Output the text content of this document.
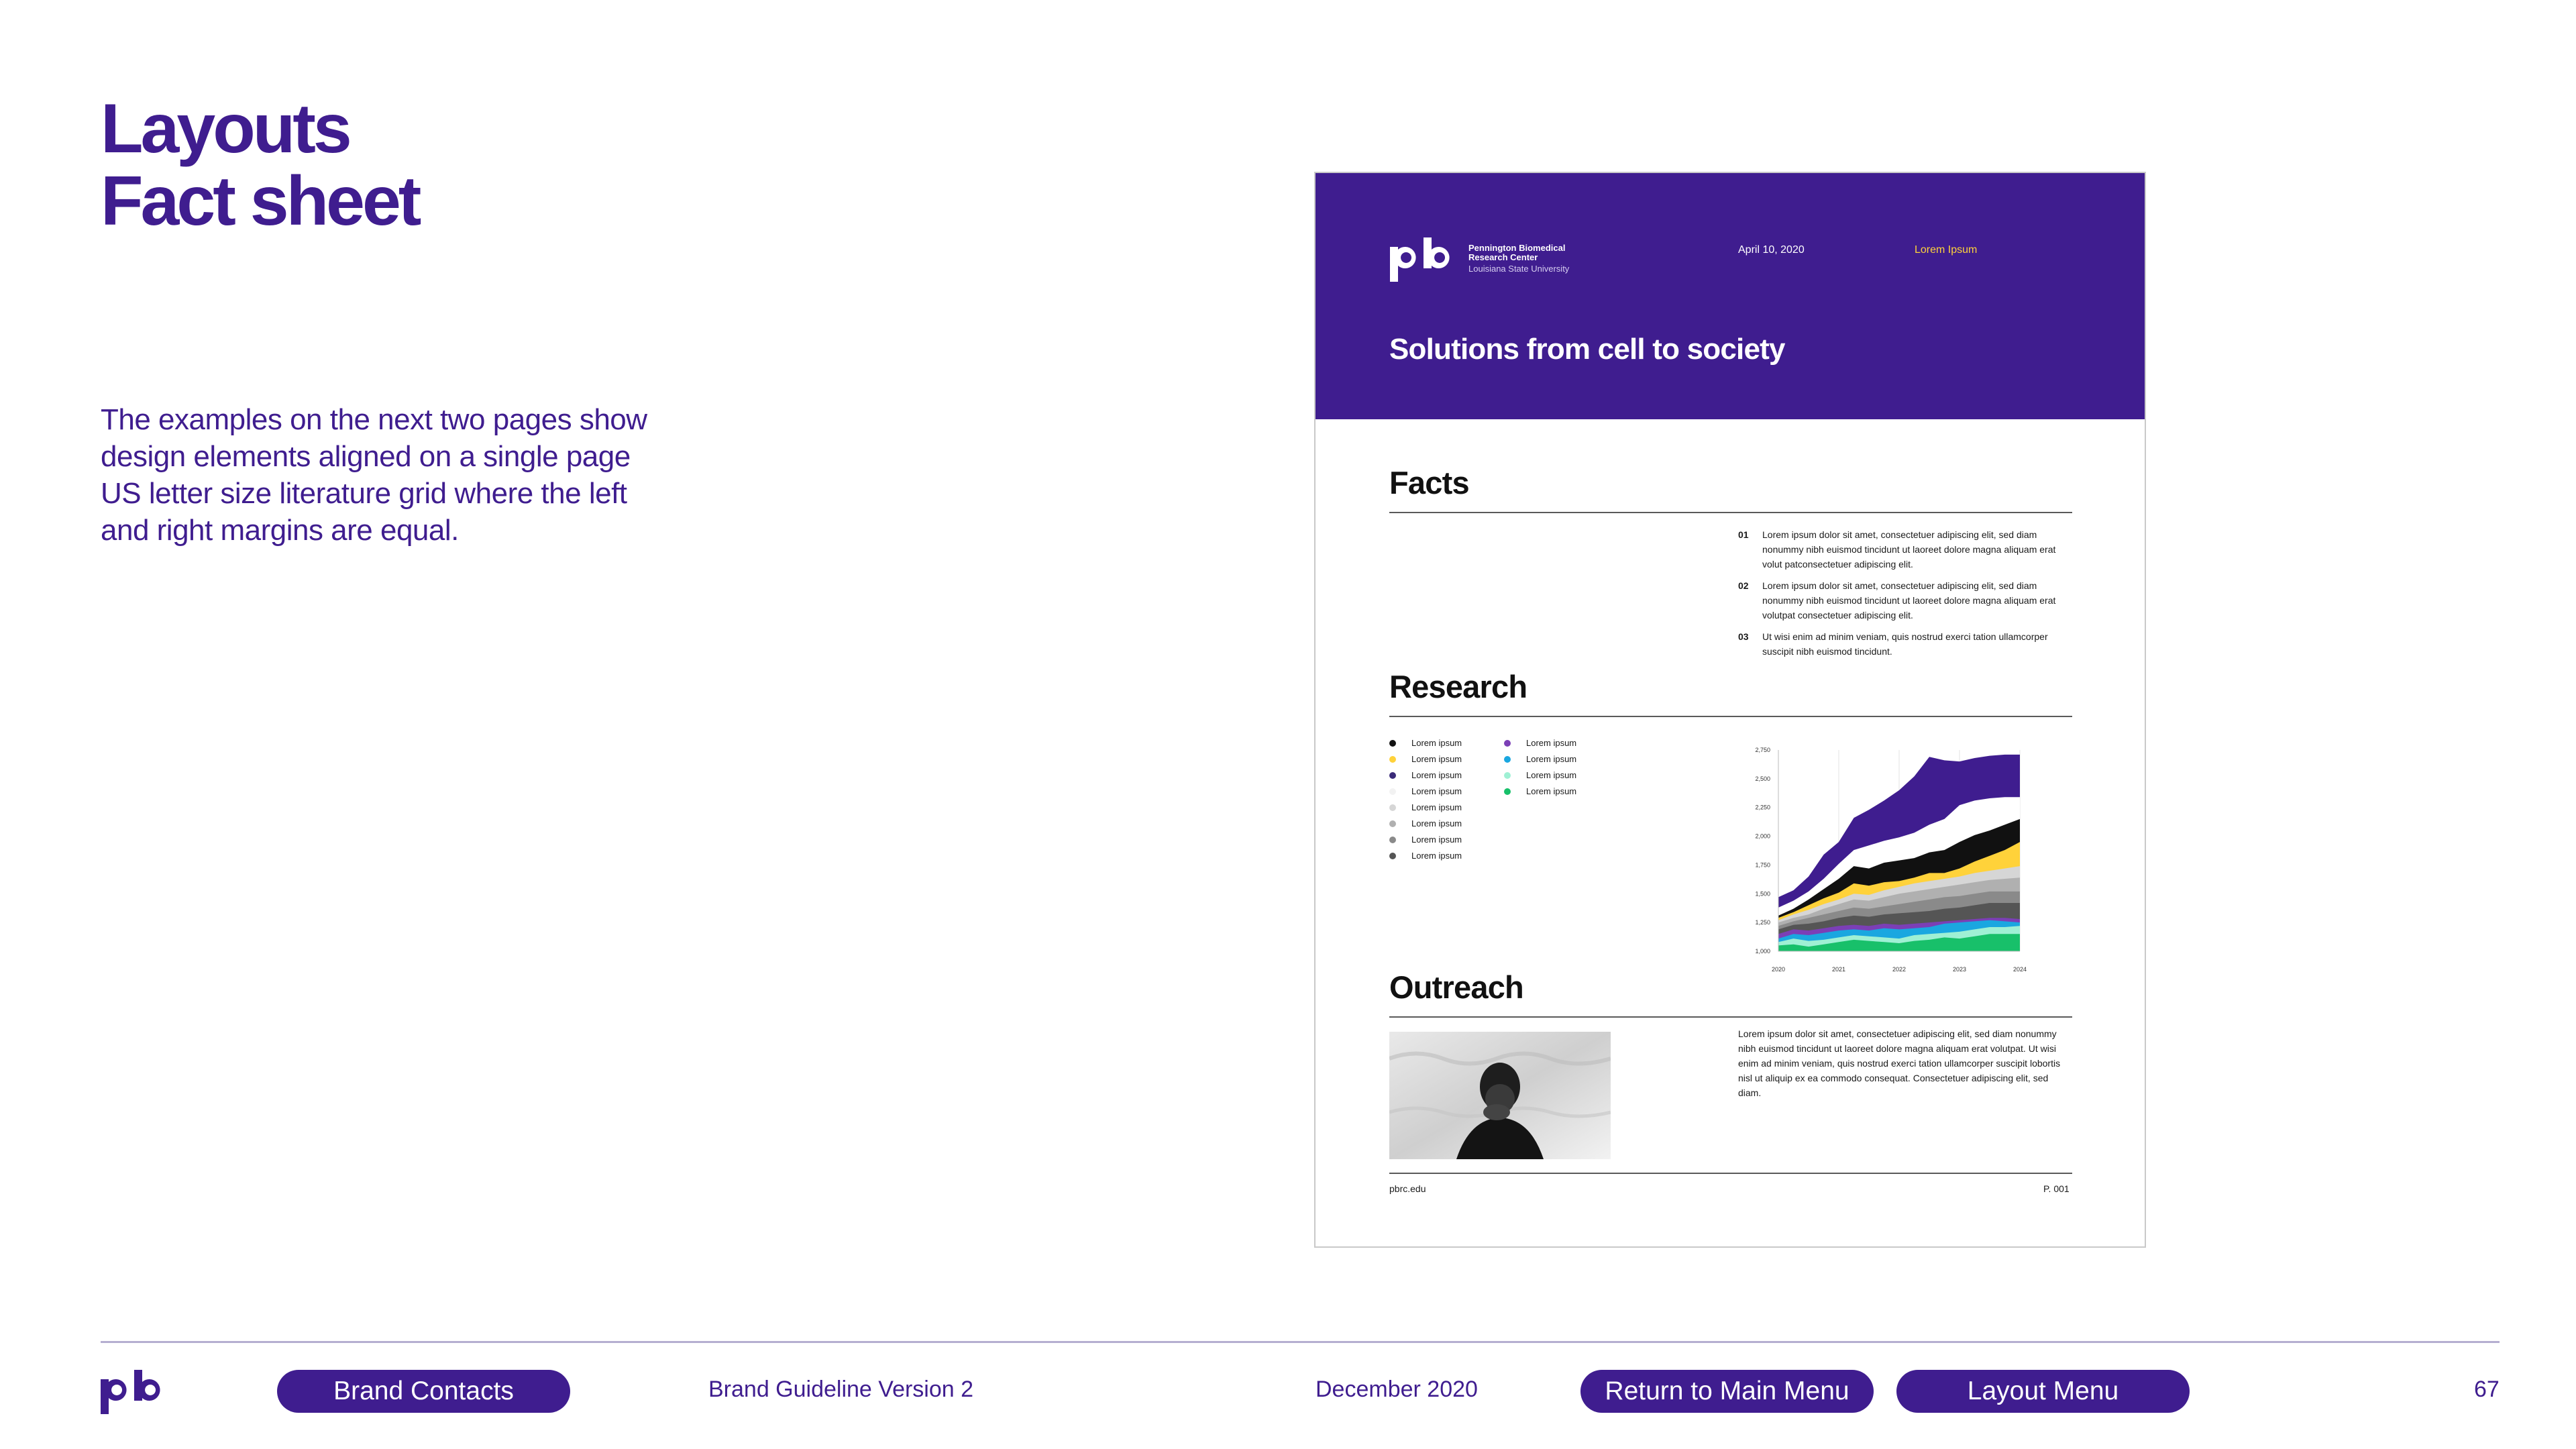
Layouts
Fact sheet
The examples on the next two pages show design elements aligned on a single page US letter size literature grid where the left and right margins are equal.
Pennington Biomedical
Research Center
Louisiana State University
April 10, 2020	Lorem Ipsum
Solutions from cell to society
Facts
01 Lorem ipsum dolor sit amet, consectetuer adipiscing elit, sed diam nonummy nibh euismod tincidunt ut laoreet dolore magna aliquam erat volut patconsectetuer adipiscing elit.
02 Lorem ipsum dolor sit amet, consectetuer adipiscing elit, sed diam nonummy nibh euismod tincidunt ut laoreet dolore magna aliquam erat volutpat consectetuer adipiscing elit.
03 Ut wisi enim ad minim veniam, quis nostrud exerci tation ullamcorper suscipit nibh euismod tincidunt.
Research
Lorem ipsum
Lorem ipsum
Lorem ipsum
Lorem ipsum
Lorem ipsum
Lorem ipsum
Lorem ipsum
Lorem ipsum
Lorem ipsum
Lorem ipsum
Lorem ipsum
Lorem ipsum
1,000
1,250
1,500
1,750
2,000
2,250
2,500
2,750
2020	2021	2022	2023	2024
Outreach
Lorem ipsum dolor sit amet, consectetuer adipiscing elit, sed diam nonummy nibh euismod tincidunt ut laoreet dolore magna aliquam erat volutpat. Ut wisi enim ad minim veniam, quis nostrud exerci tation ullamcorper suscipit lobortis nisl ut aliquip ex ea commodo consequat. Consectetuer adipiscing elit, sed diam.
pbrc.edu	P. 001
Brand Contacts	Brand Guideline Version 2	December 2020	Return to Main Menu	Layout Menu	67
